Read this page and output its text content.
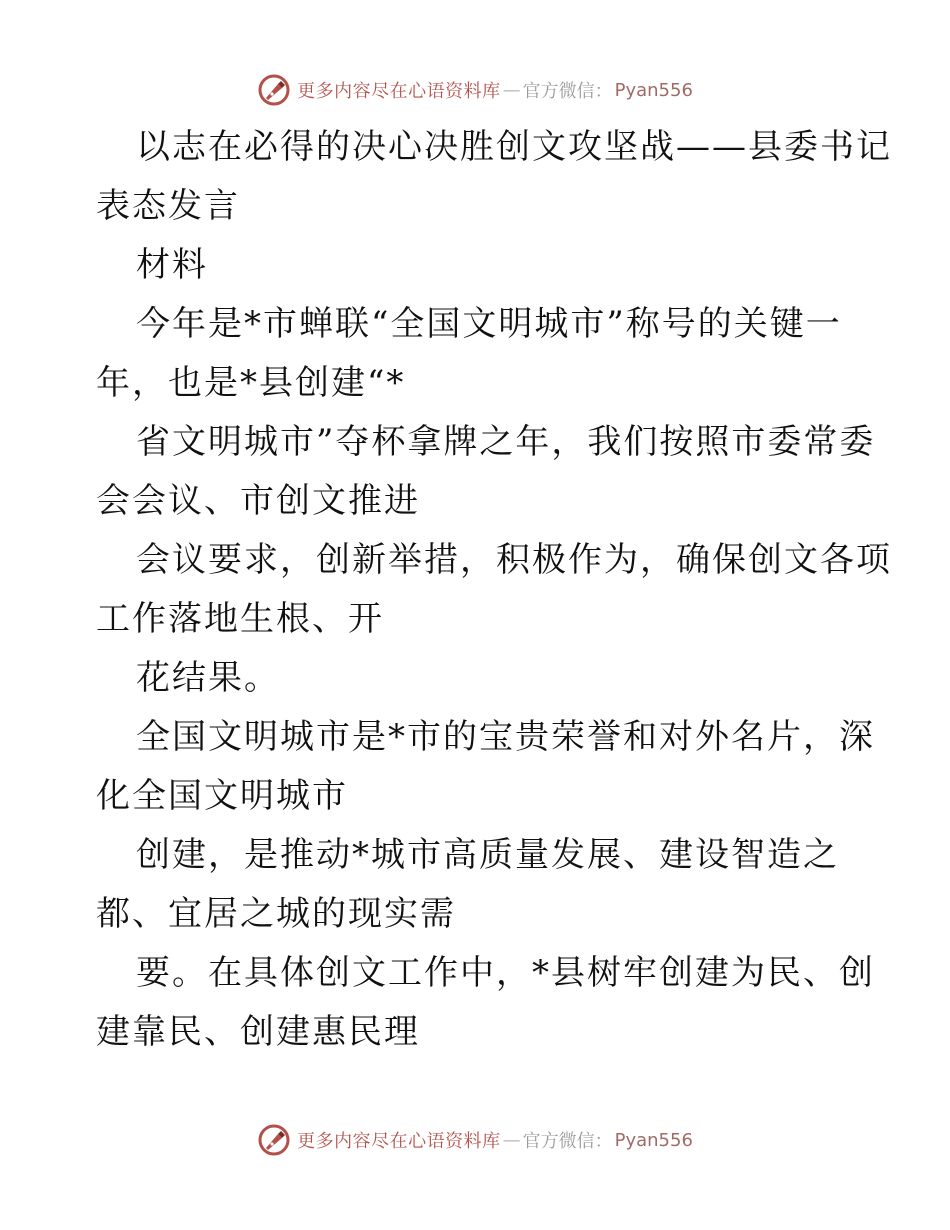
更多内容尽在心语资料库 — 官方微信： Pyan556

以志在必得的决心决胜创文攻坚战——县委书记

表态发言

材料

今年是*市蝉联“全国文明城市”称号的关键一

年，也是*县创建“*

省文明城市”夺杯拿牌之年，我们按照市委常委

会会议、市创文推进

会议要求，创新举措，积极作为，确保创文各项

工作落地生根、开

花结果。

全国文明城市是*市的宝贵荣誉和对外名片，深

化全国文明城市

创建，是推动*城市高质量发展、建设智造之

都、宜居之城的现实需

要。在具体创文工作中，*县树牢创建为民、创

建靠民、创建惠民理

更多内容尽在心语资料库 — 官方微信： Pyan556
